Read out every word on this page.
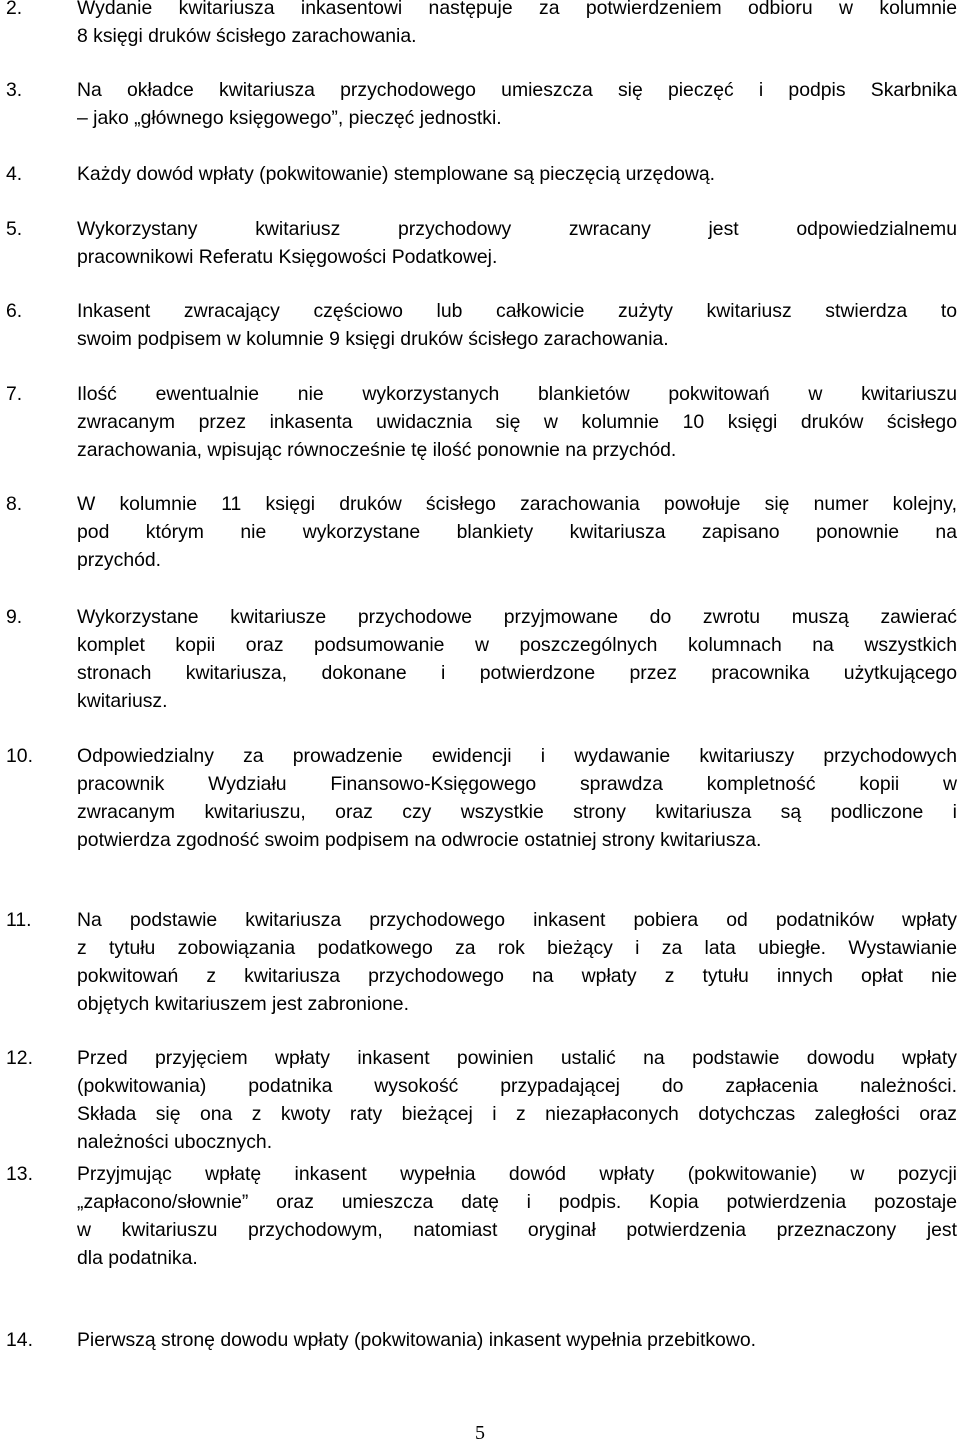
2.	Wydanie kwitariusza inkasentowi następuje za potwierdzeniem odbioru w kolumnie
8 księgi druków ścisłego zarachowania.
3.	Na okładce kwitariusza przychodowego umieszcza się pieczęć i podpis Skarbnika
– jako „głównego księgowego”, pieczęć jednostki.
4.	Każdy dowód wpłaty (pokwitowanie) stemplowane są pieczęcią urzędową.
5.	Wykorzystany kwitariusz przychodowy zwracany jest odpowiedzialnemu
pracownikowi Referatu Księgowości Podatkowej.
6.	Inkasent zwracający częściowo lub całkowicie zużyty kwitariusz stwierdza to
swoim podpisem w kolumnie 9 księgi druków ścisłego zarachowania.
7.	Ilość ewentualnie nie wykorzystanych blankietów pokwitowań w kwitariuszu
zwracanym przez inkasenta uwidacznia się w kolumnie 10 księgi druków ścisłego
zarachowania, wpisując równocześnie tę ilość ponownie na przychód.
8.	W kolumnie 11 księgi druków ścisłego zarachowania powołuje się numer kolejny,
pod którym nie wykorzystane blankiety kwitariusza zapisano ponownie na
przychód.
9.	Wykorzystane kwitariusze przychodowe przyjmowane do zwrotu muszą zawierać
komplet kopii oraz podsumowanie w poszczególnych kolumnach na wszystkich
stronach kwitariusza, dokonane i potwierdzone przez pracownika użytkującego
kwitariusz.
10. Odpowiedzialny za prowadzenie ewidencji i wydawanie kwitariuszy przychodowych
pracownik Wydziału Finansowo-Księgowego sprawdza kompletność kopii w
zwracanym kwitariuszu, oraz czy wszystkie strony kwitariusza są podliczone i
potwierdza zgodność swoim podpisem na odwrocie ostatniej strony kwitariusza.
11. Na podstawie kwitariusza przychodowego inkasent pobiera od podatników wpłaty
z tytułu zobowiązania podatkowego za rok bieżący i za lata ubiegłe. Wystawianie
pokwitowań z kwitariusza przychodowego na wpłaty z tytułu innych opłat nie
objętych kwitariuszem jest zabronione.
12. Przed przyjęciem wpłaty inkasent powinien ustalić na podstawie dowodu wpłaty
(pokwitowania) podatnika wysokość przypadającej do zapłacenia należności.
Składa się ona z kwoty raty bieżącej i z niezapłaconych dotychczas zaległości oraz
należności ubocznych.
13. Przyjmując wpłatę inkasent wypełnia dowód wpłaty (pokwitowanie) w pozycji
„zapłacono/słownie” oraz umieszcza datę i podpis. Kopia potwierdzenia pozostaje
w kwitariuszu przychodowym, natomiast oryginał potwierdzenia przeznaczony jest
dla podatnika.
14. Pierwszą stronę dowodu wpłaty (pokwitowania) inkasent wypełnia przebitkowo.
5
